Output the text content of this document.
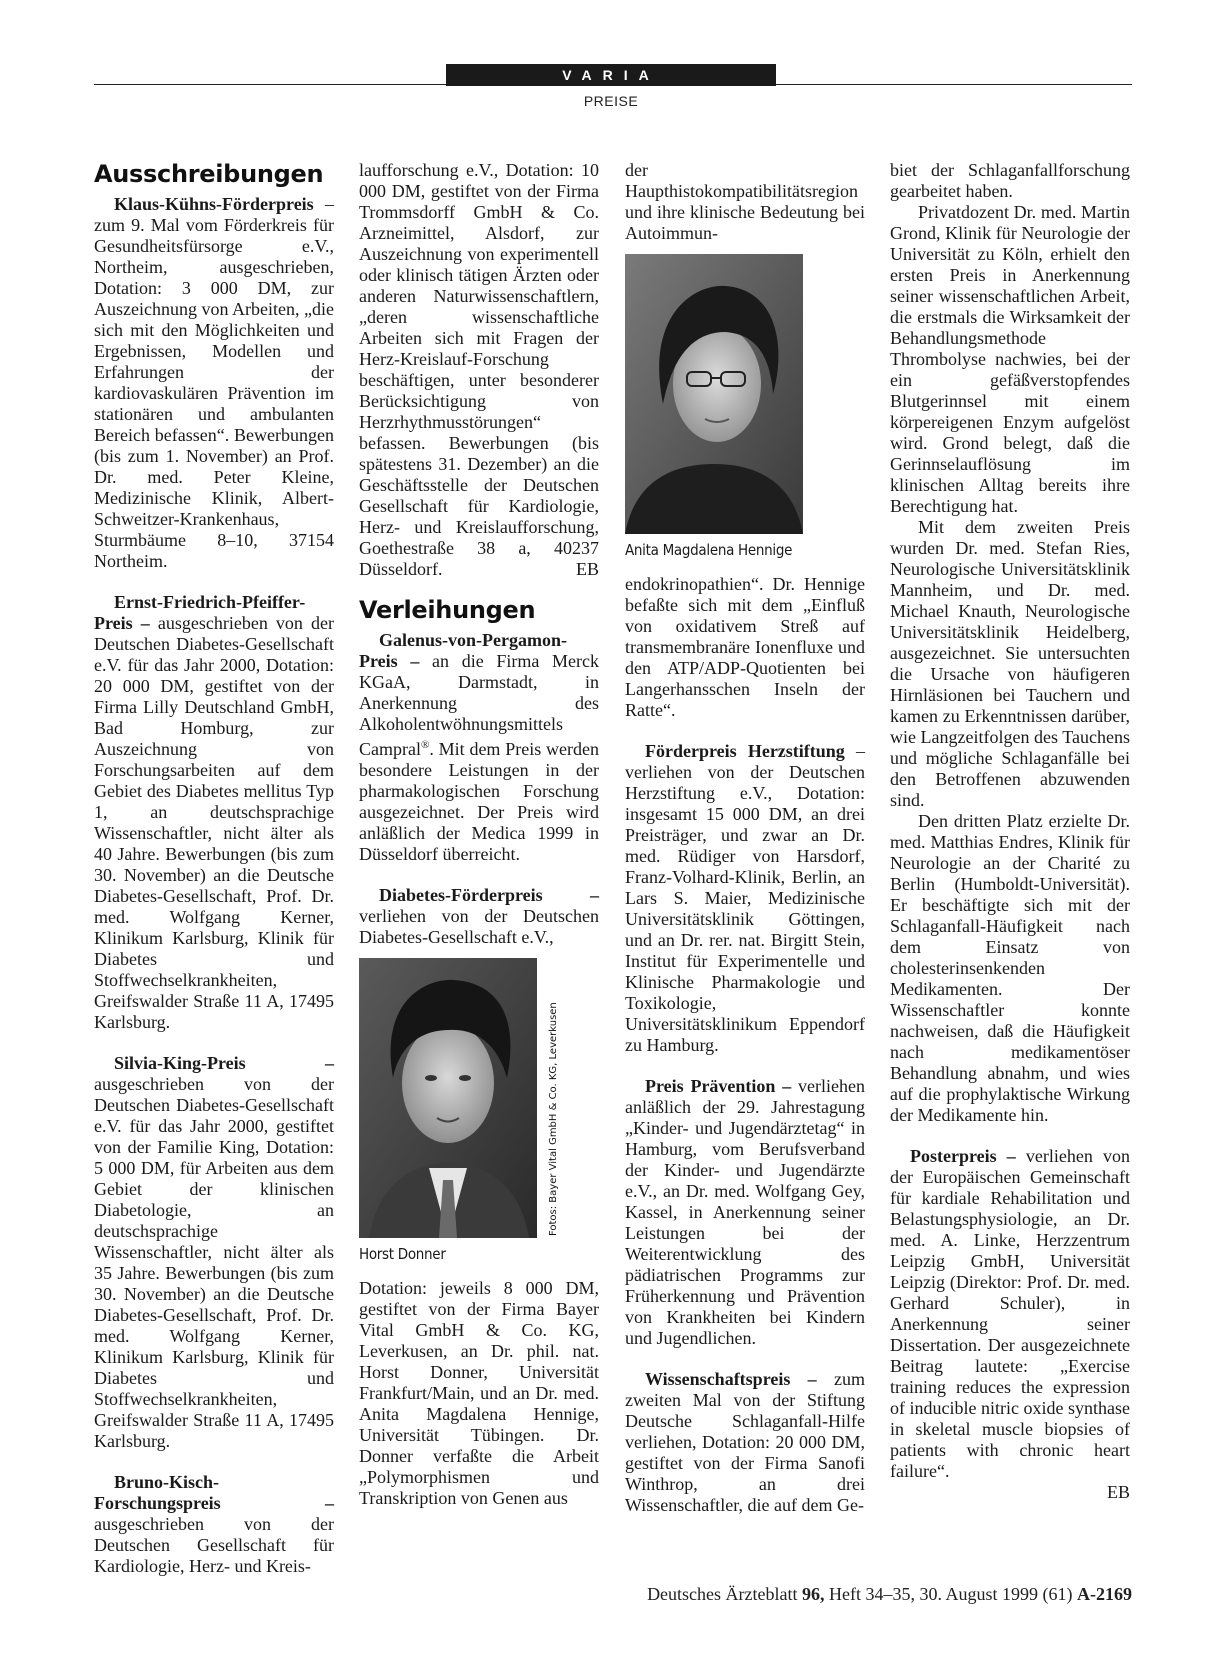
VARIA
PREISE
Ausschreibungen

Klaus-Kühns-Förderpreis – zum 9. Mal vom Förderkreis für Gesundheitsfürsorge e.V., Northeim, ausgeschrieben, Dotation: 3 000 DM, zur Auszeichnung von Arbeiten, „die sich mit den Möglichkeiten und Ergebnissen, Modellen und Erfahrungen der kardiovaskulären Prävention im stationären und ambulanten Bereich befassen“. Bewerbungen (bis zum 1. November) an Prof. Dr. med. Peter Kleine, Medizinische Klinik, Albert-Schweitzer-Krankenhaus, Sturmbäume 8–10, 37154 Northeim.

Ernst-Friedrich-Pfeiffer-Preis – ausgeschrieben von der Deutschen Diabetes-Gesellschaft e.V. für das Jahr 2000, Dotation: 20 000 DM, gestiftet von der Firma Lilly Deutschland GmbH, Bad Homburg, zur Auszeichnung von Forschungsarbeiten auf dem Gebiet des Diabetes mellitus Typ 1, an deutschsprachige Wissenschaftler, nicht älter als 40 Jahre. Bewerbungen (bis zum 30. November) an die Deutsche Diabetes-Gesellschaft, Prof. Dr. med. Wolfgang Kerner, Klinikum Karlsburg, Klinik für Diabetes und Stoffwechselkrankheiten, Greifswalder Straße 11 A, 17495 Karlsburg.

Silvia-King-Preis – ausgeschrieben von der Deutschen Diabetes-Gesellschaft e.V. für das Jahr 2000, gestiftet von der Familie King, Dotation: 5 000 DM, für Arbeiten aus dem Gebiet der klinischen Diabetologie, an deutschsprachige Wissenschaftler, nicht älter als 35 Jahre. Bewerbungen (bis zum 30. November) an die Deutsche Diabetes-Gesellschaft, Prof. Dr. med. Wolfgang Kerner, Klinikum Karlsburg, Klinik für Diabetes und Stoffwechselkrankheiten, Greifswalder Straße 11 A, 17495 Karlsburg.

Bruno-Kisch-Forschungspreis – ausgeschrieben von der Deutschen Gesellschaft für Kardiologie, Herz- und Kreis-

laufforschung e.V., Dotation: 10 000 DM, gestiftet von der Firma Trommsdorff GmbH & Co. Arzneimittel, Alsdorf, zur Auszeichnung von experimentell oder klinisch tätigen Ärzten oder anderen Naturwissenschaftlern, „deren wissenschaftliche Arbeiten sich mit Fragen der Herz-Kreislauf-Forschung beschäftigen, unter besonderer Berücksichtigung von Herzrhythmusstörungen“ befassen. Bewerbungen (bis spätestens 31. Dezember) an die Geschäftsstelle der Deutschen Gesellschaft für Kardiologie, Herz- und Kreislaufforschung, Goethestraße 38 a, 40237 Düsseldorf.	EB

Verleihungen

Galenus-von-Pergamon-Preis – an die Firma Merck KGaA, Darmstadt, in Anerkennung des Alkoholentwöhnungsmittels Campral®. Mit dem Preis werden besondere Leistungen in der pharmakologischen Forschung ausgezeichnet. Der Preis wird anläßlich der Medica 1999 in Düsseldorf überreicht.

Diabetes-Förderpreis – verliehen von der Deutschen Diabetes-Gesellschaft e.V.,

Fotos: Bayer Vital GmbH & Co. KG, Leverkusen
Horst Donner

Dotation: jeweils 8 000 DM, gestiftet von der Firma Bayer Vital GmbH & Co. KG, Leverkusen, an Dr. phil. nat. Horst Donner, Universität Frankfurt/Main, und an Dr. med. Anita Magdalena Hennige, Universität Tübingen. Dr. Donner verfaßte die Arbeit „Polymorphismen und Transkription von Genen aus

der Haupthistokompatibilitätsregion und ihre klinische Bedeutung bei Autoimmun-

Anita Magdalena Hennige

endokrinopathien“. Dr. Hennige befaßte sich mit dem „Einfluß von oxidativem Streß auf transmembranäre Ionenfluxe und den ATP/ADP-Quotienten bei Langerhansschen Inseln der Ratte“.

Förderpreis Herzstiftung – verliehen von der Deutschen Herzstiftung e.V., Dotation: insgesamt 15 000 DM, an drei Preisträger, und zwar an Dr. med. Rüdiger von Harsdorf, Franz-Volhard-Klinik, Berlin, an Lars S. Maier, Medizinische Universitätsklinik Göttingen, und an Dr. rer. nat. Birgitt Stein, Institut für Experimentelle und Klinische Pharmakologie und Toxikologie, Universitätsklinikum Eppendorf zu Hamburg.

Preis Prävention – verliehen anläßlich der 29. Jahrestagung „Kinder- und Jugendärztetag“ in Hamburg, vom Berufsverband der Kinder- und Jugendärzte e.V., an Dr. med. Wolfgang Gey, Kassel, in Anerkennung seiner Leistungen bei der Weiterentwicklung des pädiatrischen Programms zur Früherkennung und Prävention von Krankheiten bei Kindern und Jugendlichen.

Wissenschaftspreis – zum zweiten Mal von der Stiftung Deutsche Schlaganfall-Hilfe verliehen, Dotation: 20 000 DM, gestiftet von der Firma Sanofi Winthrop, an drei Wissenschaftler, die auf dem Ge-

biet der Schlaganfallforschung gearbeitet haben.

Privatdozent Dr. med. Martin Grond, Klinik für Neurologie der Universität zu Köln, erhielt den ersten Preis in Anerkennung seiner wissenschaftlichen Arbeit, die erstmals die Wirksamkeit der Behandlungsmethode Thrombolyse nachwies, bei der ein gefäßverstopfendes Blutgerinnsel mit einem körpereigenen Enzym aufgelöst wird. Grond belegt, daß die Gerinnselauflösung im klinischen Alltag bereits ihre Berechtigung hat.

Mit dem zweiten Preis wurden Dr. med. Stefan Ries, Neurologische Universitätsklinik Mannheim, und Dr. med. Michael Knauth, Neurologische Universitätsklinik Heidelberg, ausgezeichnet. Sie untersuchten die Ursache von häufigeren Hirnläsionen bei Tauchern und kamen zu Erkenntnissen darüber, wie Langzeitfolgen des Tauchens und mögliche Schlaganfälle bei den Betroffenen abzuwenden sind.

Den dritten Platz erzielte Dr. med. Matthias Endres, Klinik für Neurologie an der Charité zu Berlin (Humboldt-Universität). Er beschäftigte sich mit der Schlaganfall-Häufigkeit nach dem Einsatz von cholesterinsenkenden Medikamenten. Der Wissenschaftler konnte nachweisen, daß die Häufigkeit nach medikamentöser Behandlung abnahm, und wies auf die prophylaktische Wirkung der Medikamente hin.

Posterpreis – verliehen von der Europäischen Gemeinschaft für kardiale Rehabilitation und Belastungsphysiologie, an Dr. med. A. Linke, Herzzentrum Leipzig GmbH, Universität Leipzig (Direktor: Prof. Dr. med. Gerhard Schuler), in Anerkennung seiner Dissertation. Der ausgezeichnete Beitrag lautete: „Exercise training reduces the expression of inducible nitric oxide synthase in skeletal muscle biopsies of patients with chronic heart failure“.

EB
Deutsches Ärzteblatt 96, Heft 34–35, 30. August 1999 (61) A-2169
